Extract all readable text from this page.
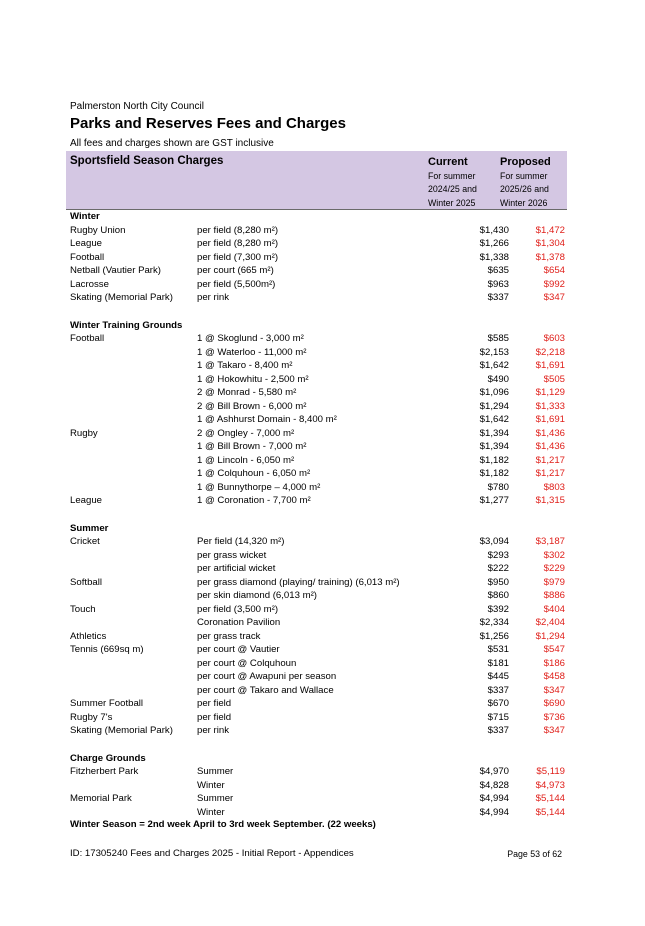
Palmerston North City Council
Parks and Reserves Fees and Charges
All fees and charges shown are GST inclusive
Sportsfield Season Charges	Current
For summer
2024/25 and
Winter 2025
Proposed
For summer
2025/26 and
Winter 2026
Winter
Rugby Union	per field (8,280 m²)	$1,430	$1,472
League	per field (8,280 m²)	$1,266	$1,304
Football	per field (7,300 m²)	$1,338	$1,378
Netball (Vautier Park)	per court (665 m²)	$635	$654
Lacrosse	per field (5,500m²)	$963	$992
Skating (Memorial Park)	per rink	$337	$347
Winter Training Grounds
Football	1 @ Skoglund - 3,000 m²	$585	$603
1 @ Waterloo - 11,000 m²	$2,153	$2,218
1 @ Takaro - 8,400 m²	$1,642	$1,691
1 @ Hokowhitu - 2,500 m²	$490	$505
2 @ Monrad - 5,580 m²	$1,096	$1,129
2 @ Bill Brown - 6,000 m²	$1,294	$1,333
1 @ Ashhurst Domain - 8,400 m²	$1,642	$1,691
Rugby	2 @ Ongley - 7,000 m²	$1,394	$1,436
1 @ Bill Brown - 7,000 m²	$1,394	$1,436
1 @ Lincoln - 6,050 m²	$1,182	$1,217
1 @ Colquhoun - 6,050 m²	$1,182	$1,217
1 @ Bunnythorpe – 4,000 m²	$780	$803
League	1 @ Coronation - 7,700 m²	$1,277	$1,315
Summer
Cricket	Per field (14,320 m²)	$3,094	$3,187
per grass wicket	$293	$302
per artificial wicket	$222	$229
Softball	per grass diamond (playing/ training) (6,013 m²)	$950	$979
per skin diamond (6,013 m²)	$860	$886
Touch	per field (3,500 m²)	$392	$404
Coronation Pavilion	$2,334	$2,404
Athletics	per grass track	$1,256	$1,294
Tennis (669sq m)	per court @ Vautier	$531	$547
per court @ Colquhoun	$181	$186
per court @ Awapuni per season	$445	$458
per court @ Takaro and Wallace	$337	$347
Summer Football	per field	$670	$690
Rugby 7's	per field	$715	$736
Skating (Memorial Park)	per rink	$337	$347
Charge Grounds
Fitzherbert Park	Summer	$4,970	$5,119
Winter	$4,828	$4,973
Memorial Park	Summer	$4,994	$5,144
Winter	$4,994	$5,144
Winter Season = 2nd week April to 3rd week September. (22 weeks)
ID: 17305240 Fees and Charges 2025 - Initial Report - Appendices	Page 53 of 62
